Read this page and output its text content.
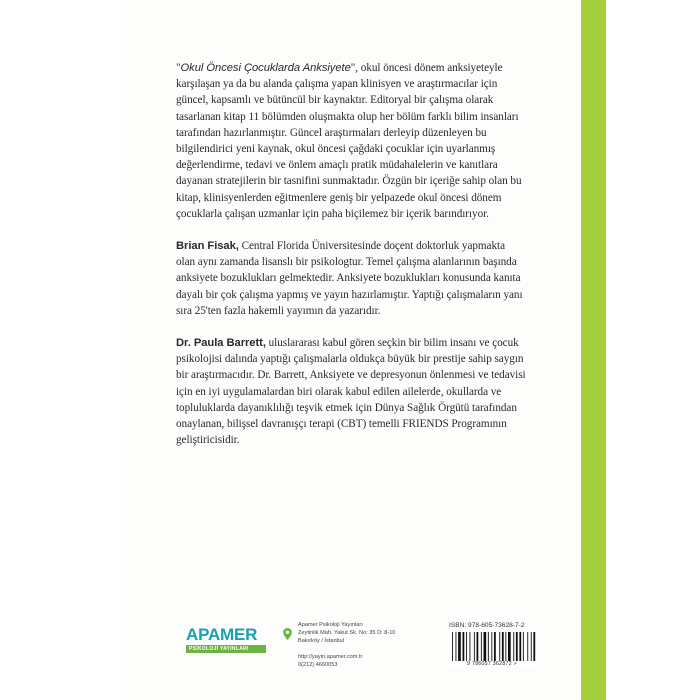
"Okul Öncesi Çocuklarda Anksiyete", okul öncesi dönem anksiyeteyle karşılaşan ya da bu alanda çalışma yapan klinisyen ve araştırmacılar için güncel, kapsamlı ve bütüncül bir kaynaktır. Editoryal bir çalışma olarak tasarlanan kitap 11 bölümden oluşmakta olup her bölüm farklı bilim insanları tarafından hazırlanmıştır. Güncel araştırmaları derleyip düzenleyen bu bilgilendirici yeni kaynak, okul öncesi çağdaki çocuklar için uyarlanmış değerlendirme, tedavi ve önlem amaçlı pratik müdahalelerin ve kanıtlara dayanan stratejilerin bir tasnifini sunmaktadır. Özgün bir içeriğe sahip olan bu kitap, klinisyenlerden eğitmenlere geniş bir yelpazede okul öncesi dönem çocuklarla çalışan uzmanlar için paha biçilemez bir içerik barındırıyor.

Brian Fisak, Central Florida Üniversitesinde doçent doktorluk yapmakta olan aynı zamanda lisanslı bir psikologtur. Temel çalışma alanlarının başında anksiyete bozuklukları gelmektedir. Anksiyete bozuklukları konusunda kanıta dayalı bir çok çalışma yapmış ve yayın hazırlamıştır. Yaptığı çalışmaların yanı sıra 25'ten fazla hakemli yayımın da yazarıdır.

Dr. Paula Barrett, uluslararası kabul gören seçkin bir bilim insanı ve çocuk psikolojisi dalında yaptığı çalışmalarla oldukça büyük bir prestije sahip saygın bir araştırmacıdır. Dr. Barrett, Anksiyete ve depresyonun önlenmesi ve tedavisi için en iyi uygulamalardan biri olarak kabul edilen ailelerde, okullarda ve topluluklarda dayanıklılığı teşvik etmek için Dünya Sağlık Örgütü tarafından onaylanan, bilişsel davranışçı terapi (CBT) temelli FRIENDS Programının geliştiricisidir.

APAMER
PSİKOLOJİ YAYINLARI
Apamer Psikoloji Yayınları
Zeytinlik Mah. Yakut Sk. No: 35 D: 8-10
Bakırköy / İstanbul

http://yayin.apamer.com.tr
0(212) 4660053
ISBN: 978-605-73628-7-2
9 786057 362872 >
